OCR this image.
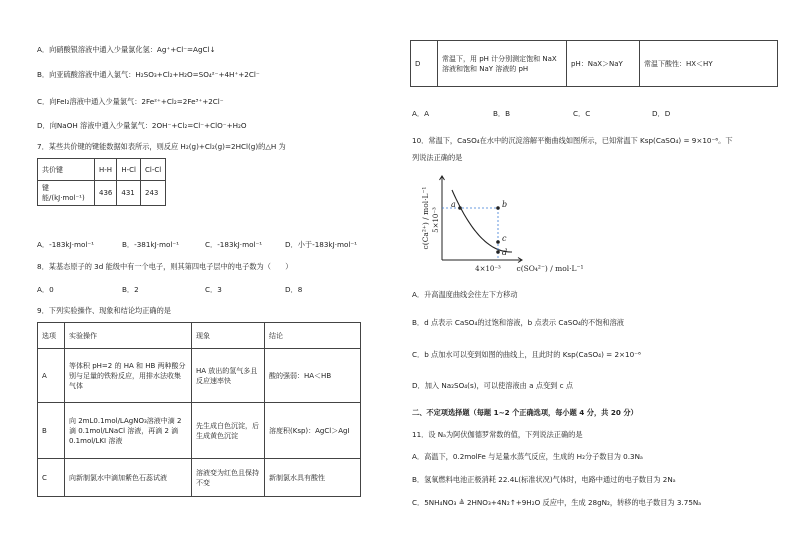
A．向硝酸银溶液中通入少量氯化氢：Ag⁺+Cl⁻=AgCl↓
B．向亚硫酸溶液中通入氯气：H₂SO₃+Cl₂+H₂O=SO₄²⁻+4H⁺+2Cl⁻
C．向FeI₂溶液中通入少量氯气：2Fe²⁺+Cl₂=2Fe³⁺+2Cl⁻
D．向NaOH 溶液中通入少量氯气：2OH⁻+Cl₂=Cl⁻+ClO⁻+H₂O
7．某些共价键的键能数据如表所示，则反应 H₂(g)+Cl₂(g)=2HCl(g)的△H 为
共价键	H-H	H-Cl	Cl-Cl
键能/(kJ·mol⁻¹)	436	431	243
A．-183kJ·mol⁻¹	B．-381kJ·mol⁻¹	C．-183kJ·mol⁻¹	D．小于-183kJ·mol⁻¹
8．某基态原子的 3d 能级中有一个电子，则其第四电子层中的电子数为（　　）
A．0	B．2	C．3	D．8
9．下列实验操作、现象和结论均正确的是
选项	实验操作	现象	结论
A	等体积 pH=2 的 HA 和 HB 两种酸分别与足量的铁粉反应，用排水法收集气体	HA 放出的氢气多且反应速率快	酸的强弱：HA＜HB
B	向 2mL0.1mol/LAgNO₃溶液中滴 2 滴 0.1mol/LNaCl 溶液，再滴 2 滴 0.1mol/LKI 溶液	先生成白色沉淀，后生成黄色沉淀	溶度积(Ksp)：AgCl＞AgI
C	向新制氯水中滴加紫色石蕊试液	溶液变为红色且保持不变	新制氯水具有酸性
D	常温下，用 pH 计分别测定饱和 NaX 溶液和饱和 NaY 溶液的 pH	pH：NaX＞NaY	常温下酸性：HX＜HY
A．A	B．B	C．C	D．D
10．常温下，CaSO₄在水中的沉淀溶解平衡曲线如图所示，已知常温下 Ksp(CaSO₄) = 9×10⁻⁶。下
列说法正确的是
a	b
c
d
5×10⁻³
4×10⁻³
c(Ca²⁺) / mol·L⁻¹
c(SO₄²⁻) / mol·L⁻¹
A．升高温度曲线会往左下方移动
B．d 点表示 CaSO₄的过饱和溶液，b 点表示 CaSO₄的不饱和溶液
C．b 点加水可以变到如图的曲线上，且此时的 Ksp(CaSO₄) = 2×10⁻⁶
D．加入 Na₂SO₄(s)，可以使溶液由 a 点变到 c 点
二、不定项选择题（每题 1~2 个正确选项，每小题 4 分，共 20 分）
11．设 Nₐ为阿伏伽德罗常数的值，下列说法正确的是
A．高温下，0.2molFe 与足量水蒸气反应，生成的 H₂分子数目为 0.3Nₐ
B．氢氧燃料电池正极消耗 22.4L(标准状况)气体时，电路中通过的电子数目为 2Nₐ
C．5NH₄NO₃ ≜ 2HNO₃+4N₂↑+9H₂O 反应中，生成 28gN₂，转移的电子数目为 3.75Nₐ
